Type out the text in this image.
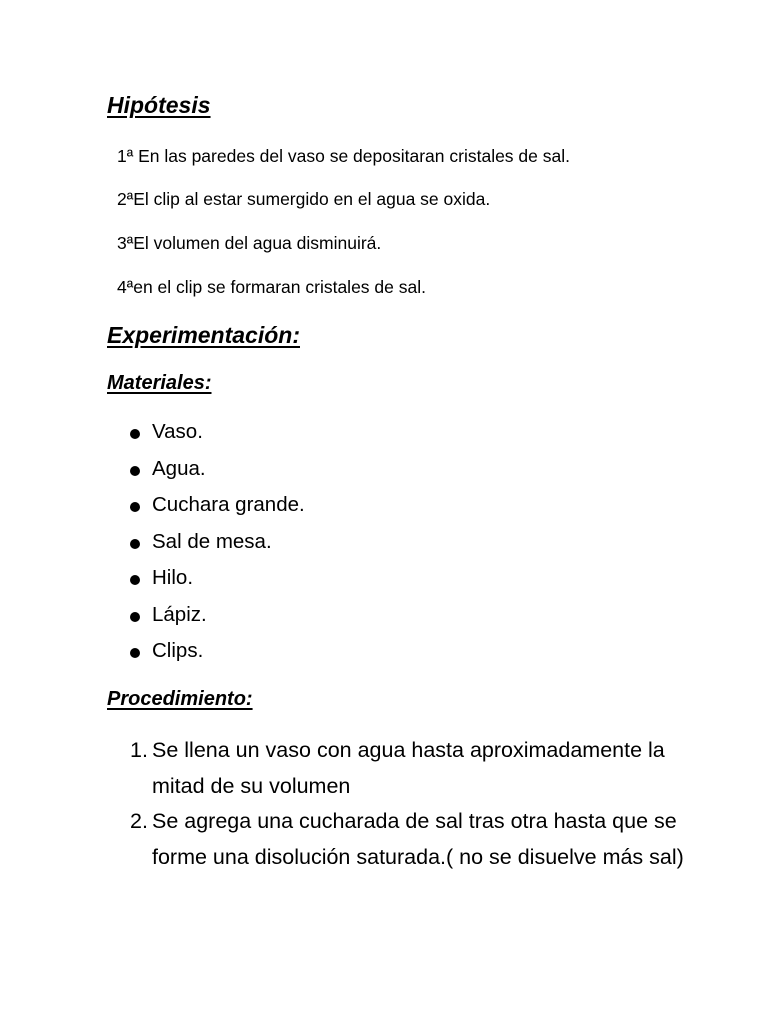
Hipótesis
1ª En las paredes del vaso se depositaran cristales de sal.
2ªEl clip al estar sumergido en el agua se oxida.
3ªEl volumen del agua disminuirá.
4ªen el clip se formaran cristales de sal.
Experimentación:
Materiales:
Vaso.
Agua.
Cuchara grande.
Sal de mesa.
Hilo.
Lápiz.
Clips.
Procedimiento:
1. Se llena un vaso con agua hasta aproximadamente la mitad de su volumen
2. Se agrega una cucharada de sal tras otra hasta que se forme una disolución saturada.( no se disuelve más sal)
